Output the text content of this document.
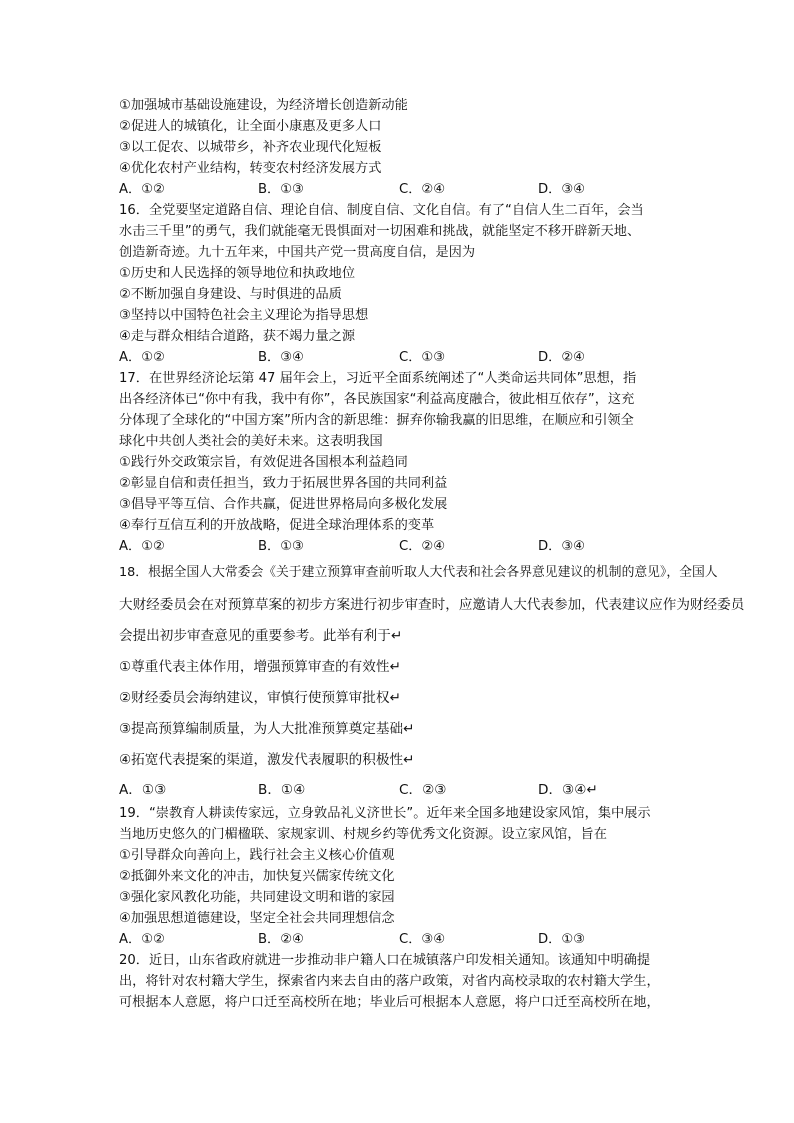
①加强城市基础设施建设，为经济增长创造新动能
②促进人的城镇化，让全面小康惠及更多人口
③以工促农、以城带乡，补齐农业现代化短板
④优化农村产业结构，转变农村经济发展方式
A．①②	B．①③	C．②④	D．③④
16．全党要坚定道路自信、理论自信、制度自信、文化自信。有了“自信人生二百年，会当
水击三千里”的勇气，我们就能毫无畏惧面对一切困难和挑战，就能坚定不移开辟新天地、
创造新奇迹。九十五年来，中国共产党一贯高度自信，是因为
①历史和人民选择的领导地位和执政地位
②不断加强自身建设、与时俱进的品质
③坚持以中国特色社会主义理论为指导思想
④走与群众相结合道路，获不竭力量之源
A．①②	B．③④	C．①③	D．②④
17．在世界经济论坛第 47 届年会上，习近平全面系统阐述了“人类命运共同体”思想，指
出各经济体已“你中有我，我中有你”，各民族国家“利益高度融合，彼此相互依存”，这充
分体现了全球化的“中国方案”所内含的新思维：摒弃你输我赢的旧思维，在顺应和引领全
球化中共创人类社会的美好未来。这表明我国
①践行外交政策宗旨，有效促进各国根本利益趋同
②彰显自信和责任担当，致力于拓展世界各国的共同利益
③倡导平等互信、合作共赢，促进世界格局向多极化发展
④奉行互信互利的开放战略，促进全球治理体系的变革
A．①②	B．①③	C．②④	D．③④
18．根据全国人大常委会《关于建立预算审查前听取人大代表和社会各界意见建议的机制的意见》，全国人
大财经委员会在对预算草案的初步方案进行初步审查时，应邀请人大代表参加，代表建议应作为财经委员
会提出初步审查意见的重要参考。此举有利于↵
①尊重代表主体作用，增强预算审查的有效性↵
②财经委员会海纳建议，审慎行使预算审批权↵
③提高预算编制质量，为人大批准预算奠定基础↵
④拓宽代表提案的渠道，激发代表履职的积极性↵
A．①③	B．①④	C．②③	D．③④↵
19．“崇教育人耕读传家远，立身敦品礼义济世长”。近年来全国多地建设家风馆，集中展示
当地历史悠久的门楣楹联、家规家训、村规乡约等优秀文化资源。设立家风馆，旨在
①引导群众向善向上，践行社会主义核心价值观
②抵御外来文化的冲击，加快复兴儒家传统文化
③强化家风教化功能，共同建设文明和谐的家园
④加强思想道德建设，坚定全社会共同理想信念
A．①②	B．②④	C．③④	D．①③
20．近日，山东省政府就进一步推动非户籍人口在城镇落户印发相关通知。该通知中明确提
出，将针对农村籍大学生，探索省内来去自由的落户政策，对省内高校录取的农村籍大学生，
可根据本人意愿，将户口迁至高校所在地；毕业后可根据本人意愿，将户口迁至高校所在地，
